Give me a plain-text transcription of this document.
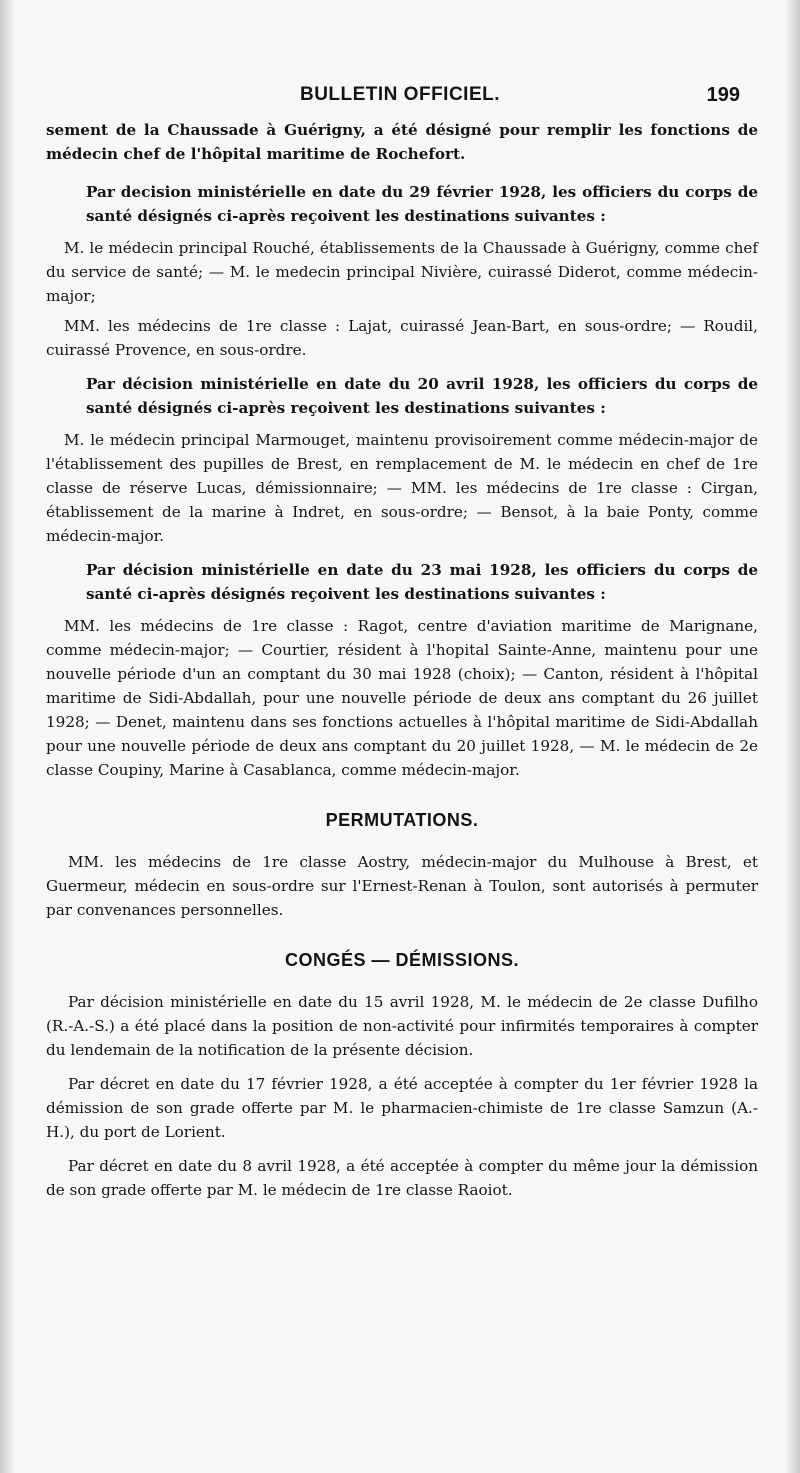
BULLETIN OFFICIEL.	199

sement de la Chaussade à Guérigny, a été désigné pour remplir les fonctions de médecin chef de l'hôpital maritime de Rochefort.

Par decision ministérielle en date du 29 février 1928, les officiers du corps de santé désignés ci-après reçoivent les destinations suivantes :

M. le médecin principal Rouché, établissements de la Chaussade à Guérigny, comme chef du service de santé; — M. le medecin principal Nivière, cuirassé Diderot, comme médecin-major;

MM. les médecins de 1re classe : Lajat, cuirassé Jean-Bart, en sous-ordre; — Roudil, cuirassé Provence, en sous-ordre.

Par décision ministérielle en date du 20 avril 1928, les officiers du corps de santé désignés ci-après reçoivent les destinations suivantes :

M. le médecin principal Marmouget, maintenu provisoirement comme médecin-major de l'établissement des pupilles de Brest, en remplacement de M. le médecin en chef de 1re classe de réserve Lucas, démissionnaire; — MM. les médecins de 1re classe : Cirgan, établissement de la marine à Indret, en sous-ordre; — Bensot, à la baie Ponty, comme médecin-major.

Par décision ministérielle en date du 23 mai 1928, les officiers du corps de santé ci-après désignés reçoivent les destinations suivantes :

MM. les médecins de 1re classe : Ragot, centre d'aviation maritime de Marignane, comme médecin-major; — Courtier, résident à l'hopital Sainte-Anne, maintenu pour une nouvelle période d'un an comptant du 30 mai 1928 (choix); — Canton, résident à l'hôpital maritime de Sidi-Abdallah, pour une nouvelle période de deux ans comptant du 26 juillet 1928; — Denet, maintenu dans ses fonctions actuelles à l'hôpital maritime de Sidi-Abdallah pour une nouvelle période de deux ans comptant du 20 juillet 1928, — M. le médecin de 2e classe Coupiny, Marine à Casablanca, comme médecin-major.

PERMUTATIONS.

MM. les médecins de 1re classe Aostry, médecin-major du Mulhouse à Brest, et Guermeur, médecin en sous-ordre sur l'Ernest-Renan à Toulon, sont autorisés à permuter par convenances personnelles.

CONGÉS — DÉMISSIONS.

Par décision ministérielle en date du 15 avril 1928, M. le médecin de 2e classe Dufilho (R.-A.-S.) a été placé dans la position de non-activité pour infirmités temporaires à compter du lendemain de la notification de la présente décision.

Par décret en date du 17 février 1928, a été acceptée à compter du 1er février 1928 la démission de son grade offerte par M. le pharmacien-chimiste de 1re classe Samzun (A.-H.), du port de Lorient.

Par décret en date du 8 avril 1928, a été acceptée à compter du même jour la démission de son grade offerte par M. le médecin de 1re classe Raoiot.
